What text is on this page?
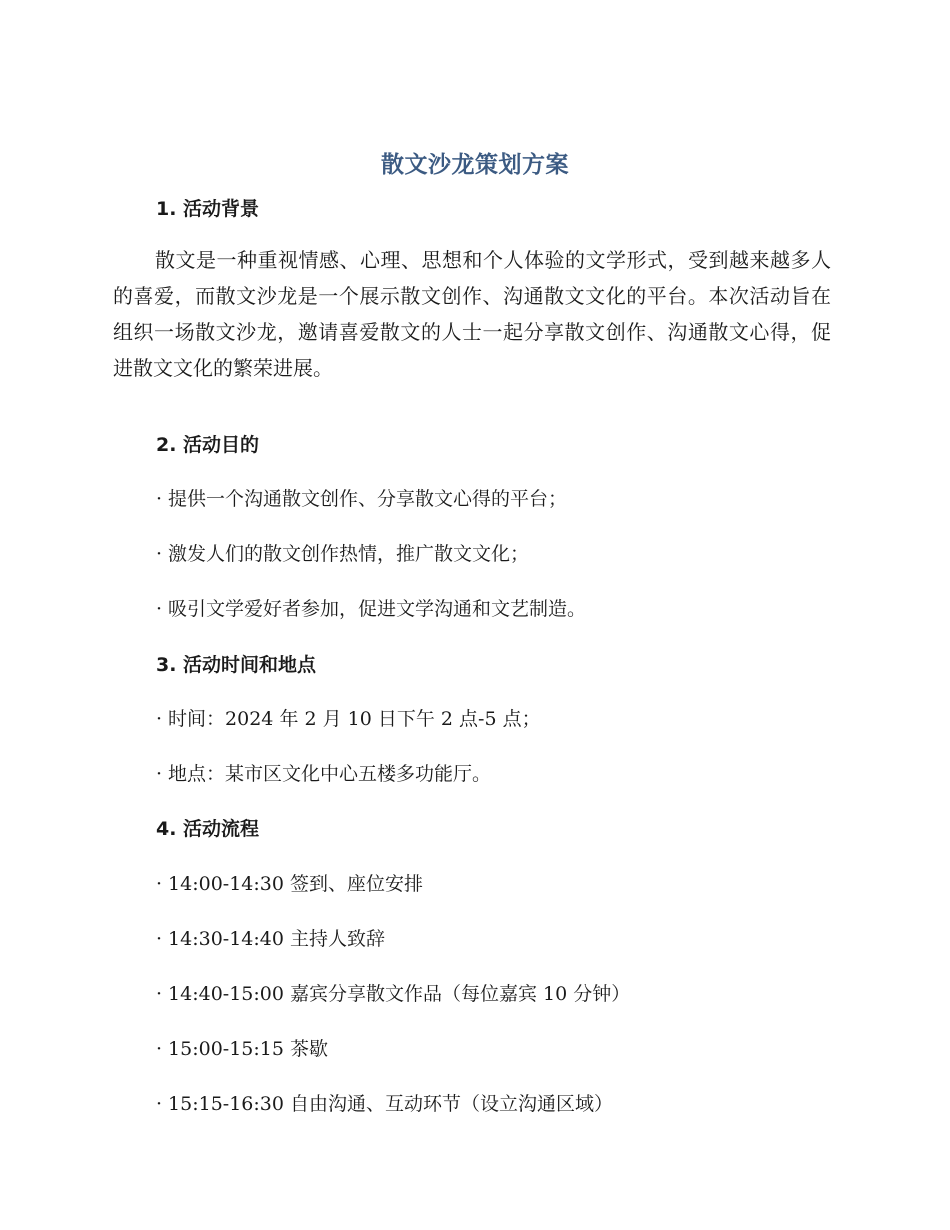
散文沙龙策划方案
1. 活动背景
散文是一种重视情感、心理、思想和个人体验的文学形式，受到越来越多人的喜爱，而散文沙龙是一个展示散文创作、沟通散文文化的平台。本次活动旨在组织一场散文沙龙，邀请喜爱散文的人士一起分享散文创作、沟通散文心得，促进散文文化的繁荣进展。
2. 活动目的
· 提供一个沟通散文创作、分享散文心得的平台；
· 激发人们的散文创作热情，推广散文文化；
· 吸引文学爱好者参加，促进文学沟通和文艺制造。
3. 活动时间和地点
· 时间：2024 年 2 月 10 日下午 2 点-5 点；
· 地点：某市区文化中心五楼多功能厅。
4. 活动流程
· 14:00-14:30 签到、座位安排
· 14:30-14:40 主持人致辞
· 14:40-15:00 嘉宾分享散文作品（每位嘉宾 10 分钟）
· 15:00-15:15 茶歇
· 15:15-16:30 自由沟通、互动环节（设立沟通区域）
